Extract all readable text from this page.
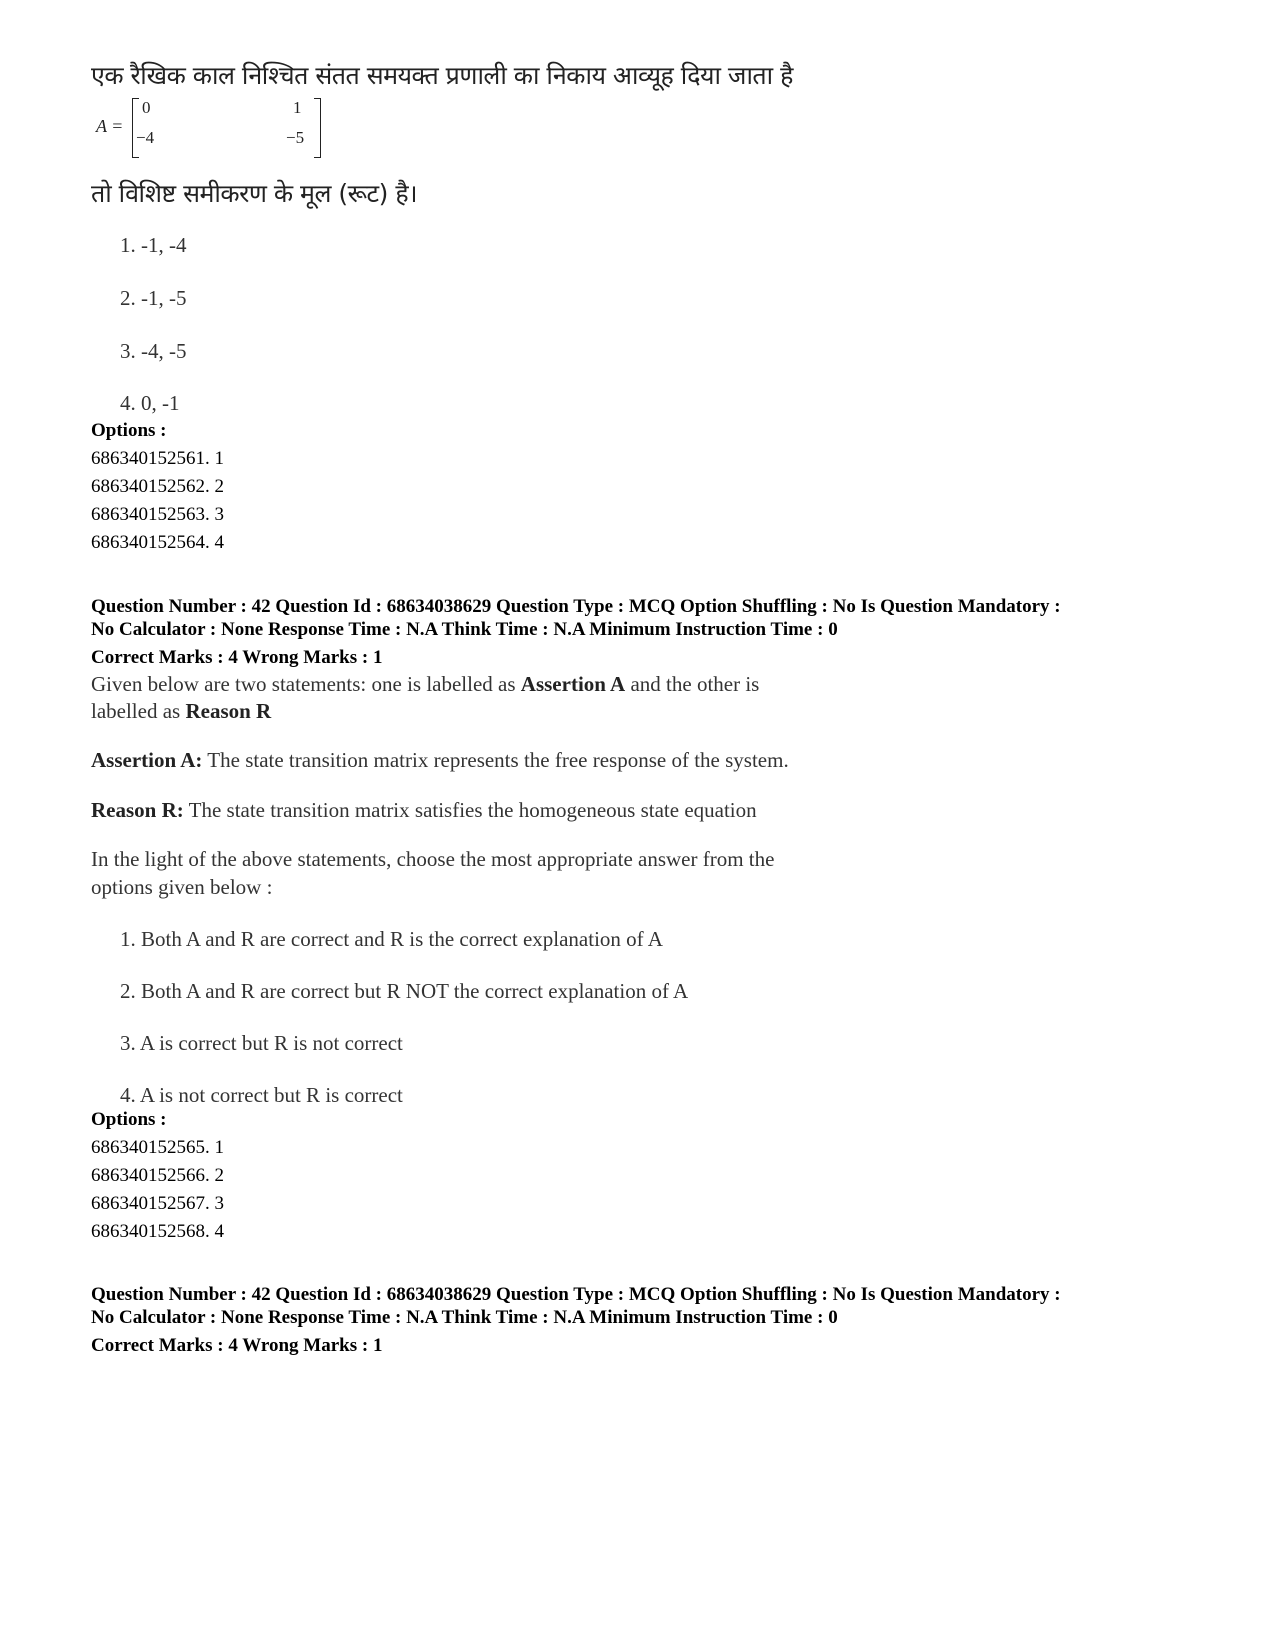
एक रैखिक काल निश्चित संतत समयक्त प्रणाली का निकाय आव्यूह दिया जाता है
A =
0	1
−4	−5
तो विशिष्ट समीकरण के मूल (रूट) है।
1. -1, -4
2. -1, -5
3. -4, -5
4. 0, -1
Options :
686340152561. 1
686340152562. 2
686340152563. 3
686340152564. 4
Question Number : 42 Question Id : 68634038629 Question Type : MCQ Option Shuffling : No Is Question Mandatory :
No Calculator : None Response Time : N.A Think Time : N.A Minimum Instruction Time : 0
Correct Marks : 4 Wrong Marks : 1
Given below are two statements: one is labelled as Assertion A and the other is
labelled as Reason R
Assertion A: The state transition matrix represents the free response of the system.
Reason R: The state transition matrix satisfies the homogeneous state equation
In the light of the above statements, choose the most appropriate answer from the
options given below :
1. Both A and R are correct and R is the correct explanation of A
2. Both A and R are correct but R NOT the correct explanation of A
3. A is correct but R is not correct
4. A is not correct but R is correct
Options :
686340152565. 1
686340152566. 2
686340152567. 3
686340152568. 4
Question Number : 42 Question Id : 68634038629 Question Type : MCQ Option Shuffling : No Is Question Mandatory :
No Calculator : None Response Time : N.A Think Time : N.A Minimum Instruction Time : 0
Correct Marks : 4 Wrong Marks : 1
